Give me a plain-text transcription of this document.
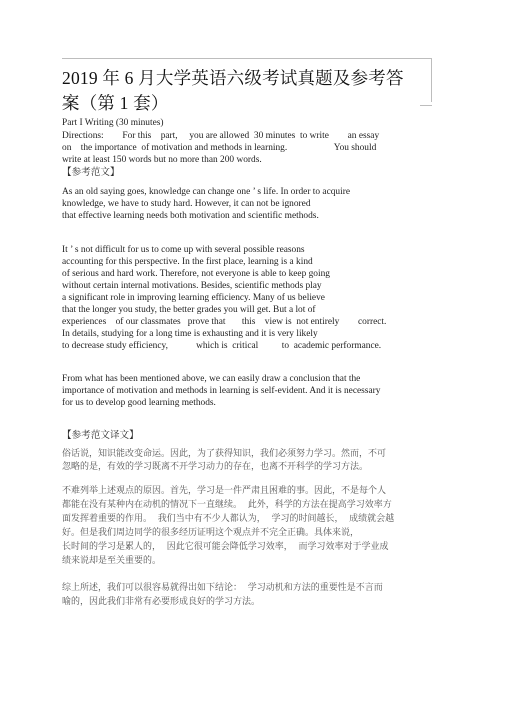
2019 年 6 月大学英语六级考试真题及参考答
案（第 1 套）
Part I Writing (30 minutes)
Directions:        For this    part,     you are allowed  30 minutes  to write        an essay
on    the importance  of motivation and methods in learning.                    You should
write at least 150 words but no more than 200 words.
【参考范文】
As an old saying goes, knowledge can change one ’ s life. In order to acquire
knowledge, we have to study hard. However, it can not be ignored
that effective learning needs both motivation and scientific methods.
It ’ s not difficult for us to come up with several possible reasons
accounting for this perspective. In the first place, learning is a kind
of serious and hard work. Therefore, not everyone is able to keep going
without certain internal motivations. Besides, scientific methods play
a significant role in improving learning efficiency. Many of us believe
that the longer you study, the better grades you will get. But a lot of
experiences    of our classmates   prove that       this    view is  not entirely        correct.
In details, studying for a long time is exhausting and it is very likely
to decrease study efficiency,            which is  critical          to  academic performance.
From what has been mentioned above, we can easily draw a conclusion that the
importance of motivation and methods in learning is self-evident. And it is necessary
for us to develop good learning methods.
【参考范文译文】
俗话说，知识能改变命运。因此，为了获得知识，我们必须努力学习。然而，不可
忽略的是，有效的学习既离不开学习动力的存在，也离不开科学的学习方法。
不难列举上述观点的原因。首先，学习是一件严肃且困难的事。因此，不是每个人
都能在没有某种内在动机的情况下一直继续。  此外，科学的方法在提高学习效率方
面发挥着重要的作用。  我们当中有不少人都认为，  学习的时间越长，  成绩就会越
好。但是我们周边同学的很多经历证明这个观点并不完全正确。具体来说，
长时间的学习是累人的，  因此它很可能会降低学习效率，  而学习效率对于学业成
绩来说却是至关重要的。
综上所述，我们可以很容易就得出如下结论：  学习动机和方法的重要性是不言而
喻的，因此我们非常有必要形成良好的学习方法。
